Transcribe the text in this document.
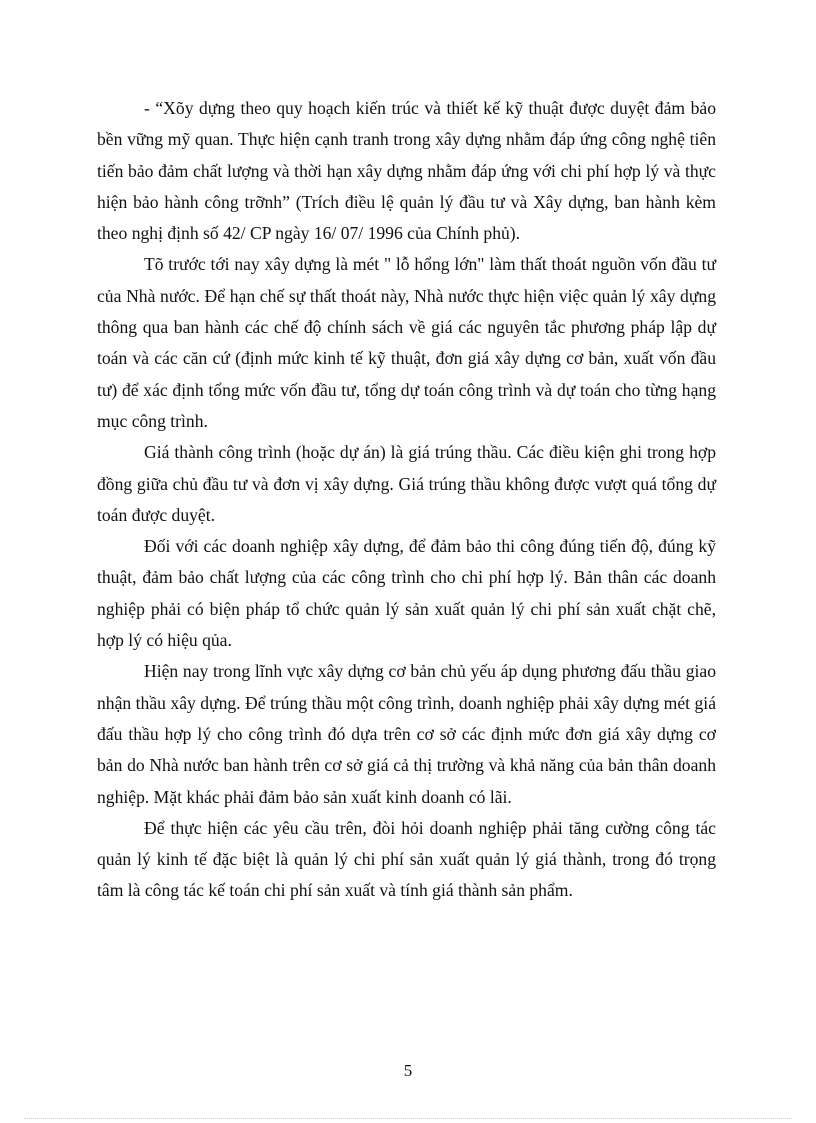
- “Xõy dựng theo quy hoạch kiến trúc và thiết kế kỹ thuật được duyệt đảm bảo bền vững mỹ quan. Thực hiện cạnh tranh trong xây dựng nhằm đáp ứng công nghệ tiên tiến bảo đảm chất lượng và thời hạn xây dựng nhằm đáp ứng với chi phí hợp lý và thực hiện bảo hành công trỡnh” (Trích điều lệ quản lý đầu tư và Xây dựng, ban hành kèm theo nghị định số 42/ CP ngày 16/ 07/ 1996 của Chính phủ).

Tõ trước tới nay xây dựng là mét " lỗ hổng lớn" làm thất thoát nguồn vốn đầu tư của Nhà nước. Để hạn chế sự thất thoát này, Nhà nước thực hiện việc quản lý xây dựng thông qua ban hành các chế độ chính sách về giá các nguyên tắc phương pháp lập dự toán và các căn cứ (định mức kinh tế kỹ thuật, đơn giá xây dựng cơ bản, xuất vốn đầu tư) để xác định tổng mức vốn đầu tư, tổng dự toán công trình và dự toán cho từng hạng mục công trình.

Giá thành công trình (hoặc dự án) là giá trúng thầu. Các điều kiện ghi trong hợp đồng giữa chủ đầu tư và đơn vị xây dựng. Giá trúng thầu không được vượt quá tổng dự toán được duyệt.

Đối với các doanh nghiệp xây dựng, để đảm bảo thi công đúng tiến độ, đúng kỹ thuật, đảm bảo chất lượng của các công trình cho chi phí hợp lý. Bản thân các doanh nghiệp phải có biện pháp tổ chức quản lý sản xuất quản lý chi phí sản xuất chặt chẽ, hợp lý có hiệu qủa.

Hiện nay trong lĩnh vực xây dựng cơ bản chủ yếu áp dụng phương đấu thầu giao nhận thầu xây dựng. Để trúng thầu một công trình, doanh nghiệp phải xây dựng mét giá đấu thầu hợp lý cho công trình đó dựa trên cơ sở các định mức đơn giá xây dựng cơ bản do Nhà nước ban hành trên cơ sở giá cả thị trường và khả năng của bản thân doanh nghiệp. Mặt khác phải đảm bảo sản xuất kinh doanh có lãi.

Để thực hiện các yêu cầu trên, đòi hỏi doanh nghiệp phải tăng cường công tác quản lý kinh tế đặc biệt là quản lý chi phí sản xuất quản lý giá thành, trong đó trọng tâm là công tác kế toán chi phí sản xuất và tính giá thành sản phẩm.

5
